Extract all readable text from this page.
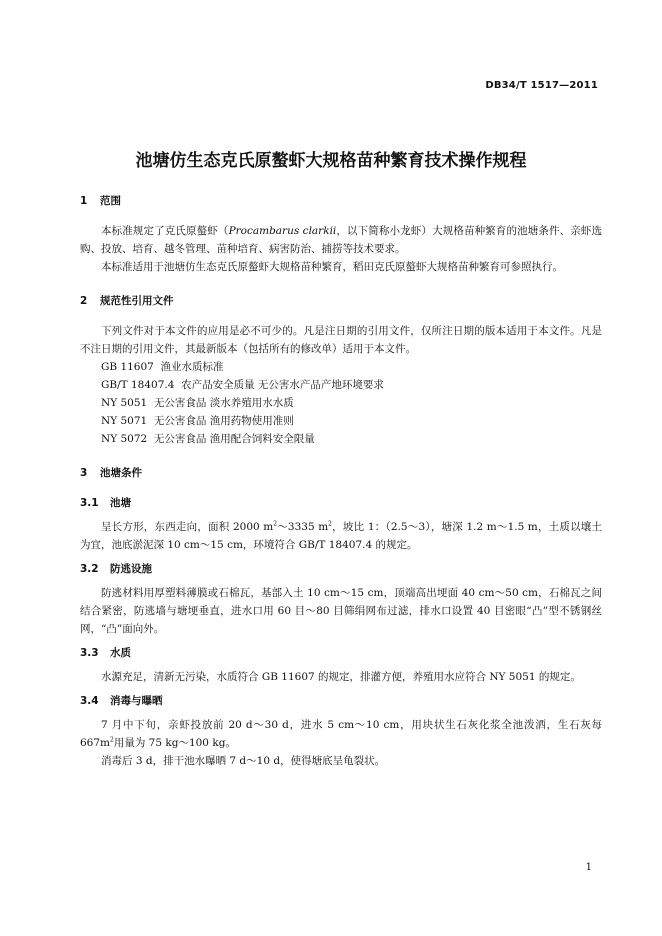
DB34/T 1517—2011
池塘仿生态克氏原螯虾大规格苗种繁育技术操作规程
1 范围

本标准规定了克氏原螯虾（Procambarus clarkii，以下简称小龙虾）大规格苗种繁育的池塘条件、亲虾选购、投放、培育、越冬管理、苗种培育、病害防治、捕捞等技术要求。

本标准适用于池塘仿生态克氏原螯虾大规格苗种繁育，稻田克氏原螯虾大规格苗种繁育可参照执行。

2 规范性引用文件

下列文件对于本文件的应用是必不可少的。凡是注日期的引用文件，仅所注日期的版本适用于本文件。凡是不注日期的引用文件，其最新版本（包括所有的修改单）适用于本文件。

GB 11607  渔业水质标准
GB/T 18407.4  农产品安全质量 无公害水产品产地环境要求
NY 5051  无公害食品 淡水养殖用水水质
NY 5071  无公害食品 渔用药物使用准则
NY 5072  无公害食品 渔用配合饲料安全限量
3 池塘条件
3.1 池塘

呈长方形，东西走向，面积 2000 $m^2\sim 3335$ $m^2$，坡比 1：（2.5～3），塘深 1.2 m～1.5 m，土质以壤土为宜，池底淤泥深 10 cm～15 cm，环境符合 GB/T 18407.4 的规定。

3.2 防逃设施

防逃材料用厚塑料薄膜或石棉瓦，基部入土 10 cm～15 cm，顶端高出埂面 40 cm～50 cm，石棉瓦之间结合紧密，防逃墙与塘埂垂直，进水口用 60 目～80 目筛绢网布过滤，排水口设置 40 目密眼“凸”型不锈钢丝网，“凸”面向外。

3.3 水质

水源充足，清新无污染，水质符合 GB 11607 的规定，排灌方便，养殖用水应符合 NY 5051 的规定。

3.4 消毒与曝晒

7 月中下旬，亲虾投放前 20 d～30 d，进水 5 cm～10 cm，用块状生石灰化浆全池泼洒，生石灰每 $667m^2$用量为 75 kg～100 kg。

消毒后 3 d，排干池水曝晒 7 d～10 d，使得塘底呈龟裂状。

1
